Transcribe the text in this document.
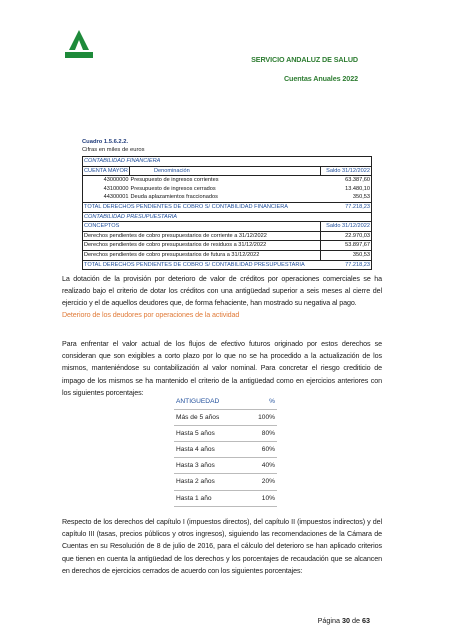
SERVICIO ANDALUZ DE SALUD
Cuentas Anuales 2022
Cuadro 1.5.6.2.2.
Cifras en miles de euros
CONTABILIDAD FINANCIERA		
CUENTA MAYOR	Denominación	Saldo 31/12/2022
43000000	Presupuesto de ingresos corrientes	63.387,60
43100000	Presupuesto de ingresos cerrados	13.480,10
44300001	Deuda aplazamientos fraccionados	350,53
TOTAL DERECHOS PENDIENTES DE COBRO S/ CONTABILIDAD FINANCIERA		77.218,23
CONTABILIDAD PRESUPUESTARIA		
CONCEPTOS		Saldo 31/12/2022
Derechos pendientes de cobro presupuestarios de corriente a 31/12/2022		22.970,03
Derechos pendientes de cobro presupuestarios de residuos a 31/12/2022		53.897,67
Derechos pendientes de cobro presupuestarios de futura a 31/12/2022		350,53
TOTAL DERECHOS PENDIENTES DE COBRO S/ CONTABILIDAD PRESUPUESTARIA		77.218,23
La dotación de la provisión por deterioro de valor de créditos por operaciones comerciales se ha realizado bajo el criterio de dotar los créditos con una antigüedad superior a seis meses al cierre del ejercicio y el de aquellos deudores que, de forma fehaciente, han mostrado su negativa al pago.
Deterioro de los deudores por operaciones de la actividad
Para enfrentar el valor actual de los flujos de efectivo futuros originado por estos derechos se consideran que son exigibles a corto plazo por lo que no se ha procedido a la actualización de los mismos, manteniéndose su contabilización al valor nominal. Para concretar el riesgo crediticio de impago de los mismos se ha mantenido el criterio de la antigüedad como en ejercicios anteriores con los siguientes porcentajes:
ANTIGUEDAD	%
Más de 5 años	100%
Hasta 5 años	80%
Hasta 4 años	60%
Hasta 3 años	40%
Hasta 2 años	20%
Hasta 1 año	10%
Respecto de los derechos del capítulo I (impuestos directos), del capítulo II (impuestos indirectos) y del capítulo III (tasas, precios públicos y otros ingresos), siguiendo las recomendaciones de la Cámara de Cuentas en su Resolución de 8 de julio de 2016, para el cálculo del deterioro se han aplicado criterios que tienen en cuenta la antigüedad de los derechos y los porcentajes de recaudación que se alcancen en derechos de ejercicios cerrados de acuerdo con los siguientes porcentajes:
Página 30 de 63
